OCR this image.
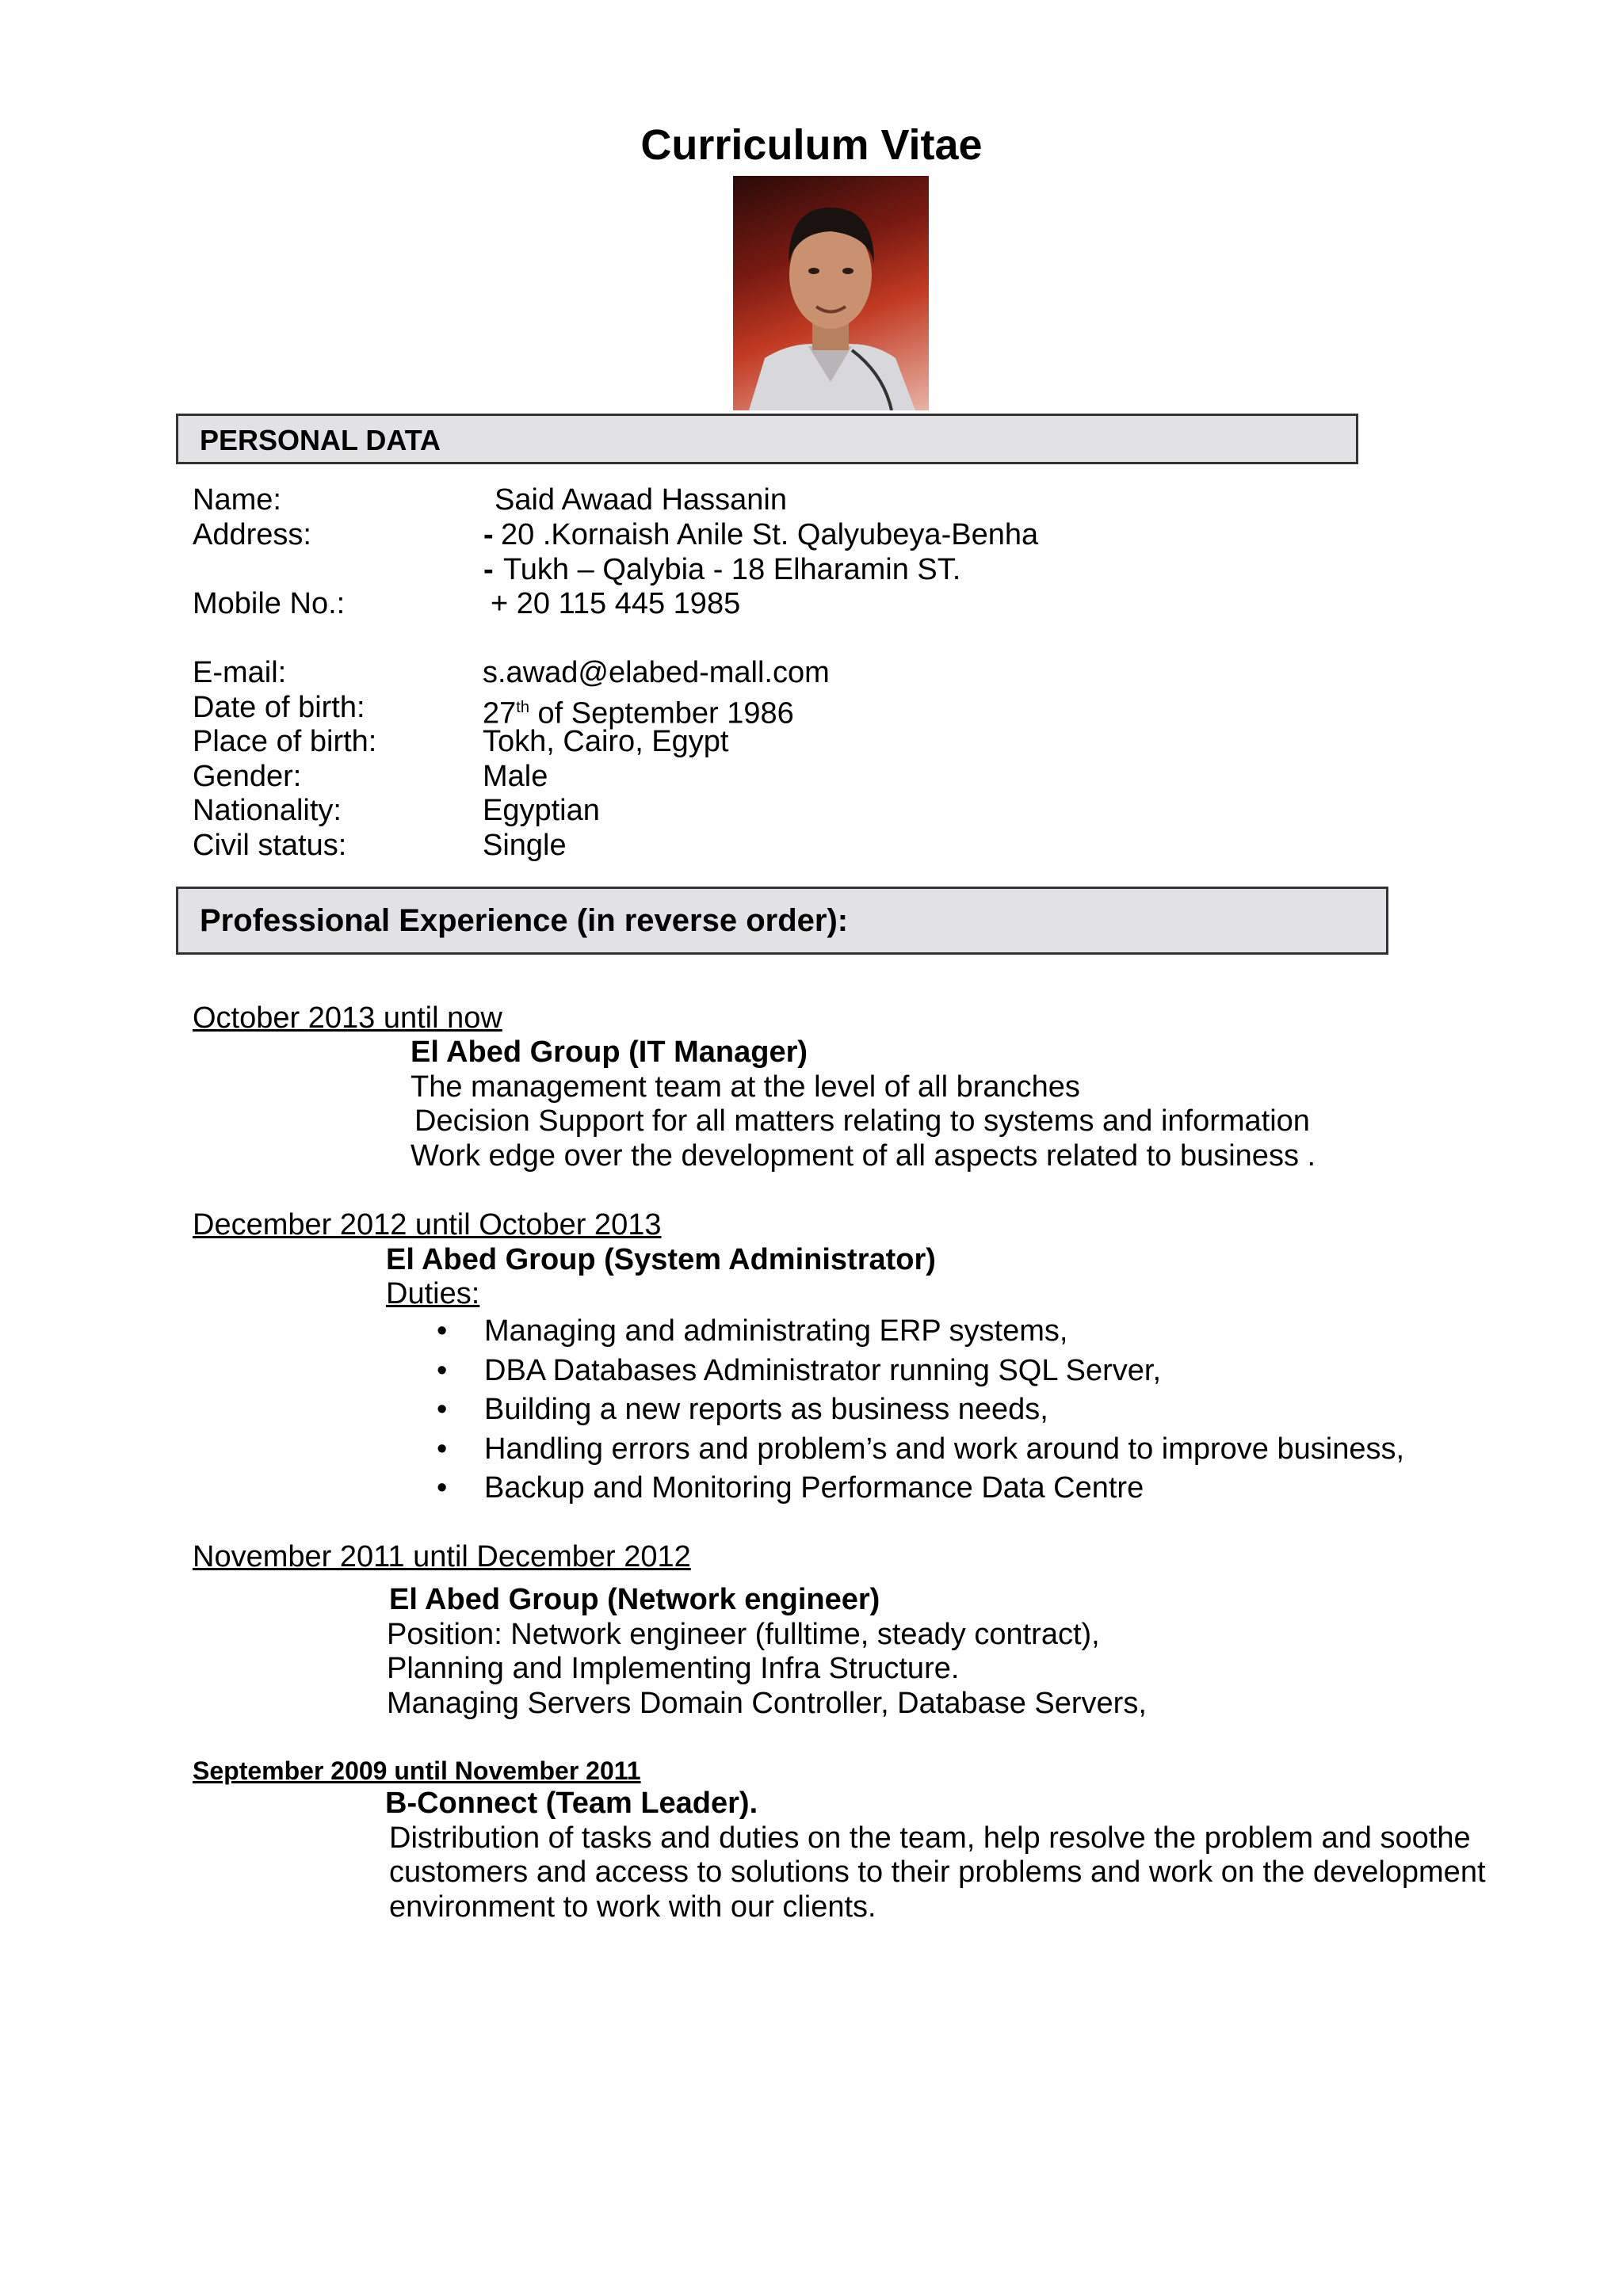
Curriculum Vitae
PERSONAL DATA
Name:	Said Awaad Hassanin
Address:	- 20 .Kornaish Anile St. Qalyubeya-Benha
- Tukh – Qalybia - 18 Elharamin ST.
Mobile No.:	+ 20 115 445 1985
E-mail:	s.awad@elabed-mall.com
Date of birth:	27th of September 1986
Place of birth:	Tokh, Cairo, Egypt
Gender:	Male
Nationality:	Egyptian
Civil status:	Single
Professional Experience (in reverse order):
October 2013 until now
El Abed Group (IT Manager)
The management team at the level of all branches
Decision Support for all matters relating to systems and information
Work edge over the development of all aspects related to business .
December 2012 until October 2013
El Abed Group (System Administrator)
Duties:
• Managing and administrating ERP systems,
• DBA Databases Administrator running SQL Server,
• Building a new reports as business needs,
• Handling errors and problem’s and work around to improve business,
• Backup and Monitoring Performance Data Centre
November 2011 until December 2012
El Abed Group (Network engineer)
Position: Network engineer (fulltime, steady contract),
Planning and Implementing Infra Structure.
Managing Servers Domain Controller, Database Servers,
September 2009 until November 2011
B-Connect (Team Leader).
Distribution of tasks and duties on the team, help resolve the problem and soothe
customers and access to solutions to their problems and work on the development
environment to work with our clients.
